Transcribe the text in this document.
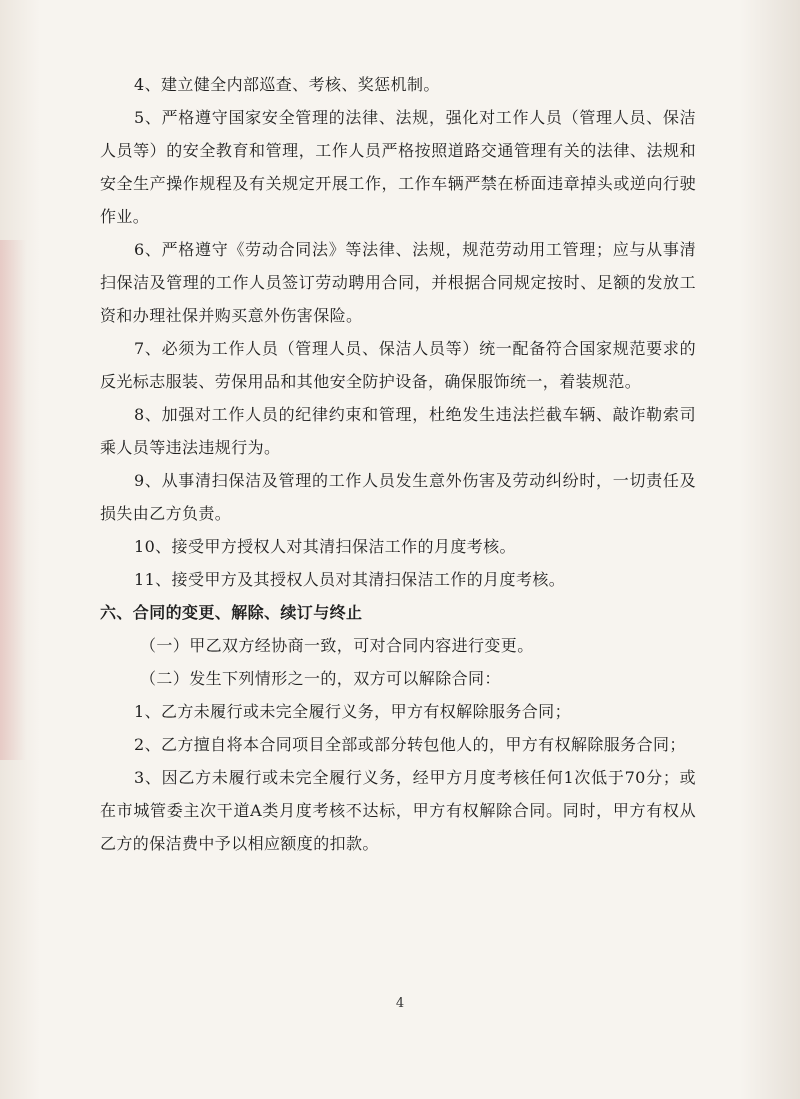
4、建立健全内部巡查、考核、奖惩机制。

5、严格遵守国家安全管理的法律、法规，强化对工作人员（管理人员、保洁人员等）的安全教育和管理，工作人员严格按照道路交通管理有关的法律、法规和安全生产操作规程及有关规定开展工作，工作车辆严禁在桥面违章掉头或逆向行驶作业。

6、严格遵守《劳动合同法》等法律、法规，规范劳动用工管理；应与从事清扫保洁及管理的工作人员签订劳动聘用合同，并根据合同规定按时、足额的发放工资和办理社保并购买意外伤害保险。

7、必须为工作人员（管理人员、保洁人员等）统一配备符合国家规范要求的反光标志服装、劳保用品和其他安全防护设备，确保服饰统一，着装规范。

8、加强对工作人员的纪律约束和管理，杜绝发生违法拦截车辆、敲诈勒索司乘人员等违法违规行为。

9、从事清扫保洁及管理的工作人员发生意外伤害及劳动纠纷时，一切责任及损失由乙方负责。

10、接受甲方授权人对其清扫保洁工作的月度考核。

11、接受甲方及其授权人员对其清扫保洁工作的月度考核。

六、合同的变更、解除、续订与终止

（一）甲乙双方经协商一致，可对合同内容进行变更。

（二）发生下列情形之一的，双方可以解除合同：

1、乙方未履行或未完全履行义务，甲方有权解除服务合同；

2、乙方擅自将本合同项目全部或部分转包他人的，甲方有权解除服务合同；

3、因乙方未履行或未完全履行义务，经甲方月度考核任何1次低于70分；或在市城管委主次干道A类月度考核不达标，甲方有权解除合同。同时，甲方有权从乙方的保洁费中予以相应额度的扣款。

4
